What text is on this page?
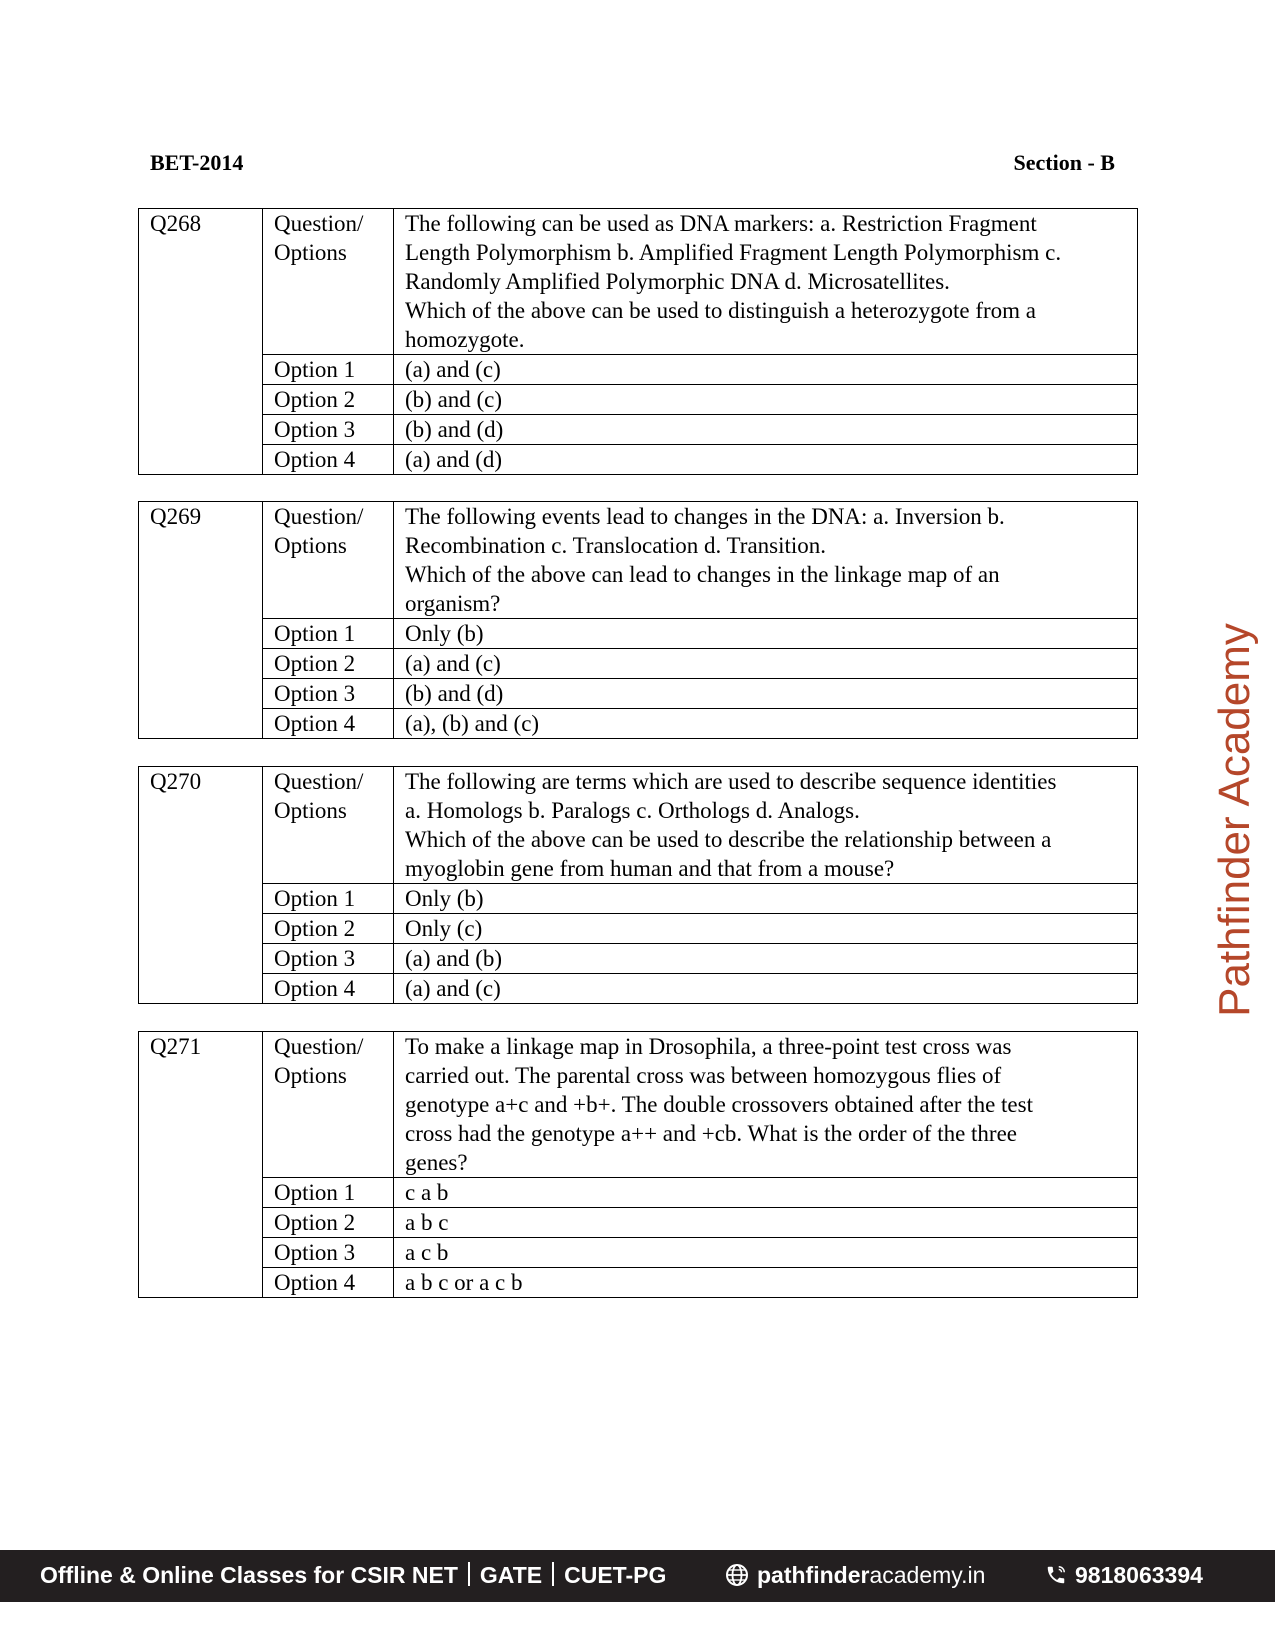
BET-2014	Section - B
Q268	Question/ Options	The following can be used as DNA markers: a. Restriction Fragment
Length Polymorphism b. Amplified Fragment Length Polymorphism c.
Randomly Amplified Polymorphic DNA d. Microsatellites.
Which of the above can be used to distinguish a heterozygote from a
homozygote.

	Option 1	(a) and (c)
	Option 2	(b) and (c)
	Option 3	(b) and (d)
	Option 4	(a) and (d)
Q269	Question/ Options	The following events lead to changes in the DNA: a. Inversion b.
Recombination c. Translocation d. Transition.
Which of the above can lead to changes in the linkage map of an
organism?

	Option 1	Only (b)
	Option 2	(a) and (c)
	Option 3	(b) and (d)
	Option 4	(a), (b) and (c)
Q270	Question/ Options	The following are terms which are used to describe sequence identities
a. Homologs b. Paralogs c. Orthologs d. Analogs.
Which of the above can be used to describe the relationship between a
myoglobin gene from human and that from a mouse?

	Option 1	Only (b)
	Option 2	Only (c)
	Option 3	(a) and (b)
	Option 4	(a) and (c)
Q271	Question/ Options	To make a linkage map in Drosophila, a three-point test cross was
carried out. The parental cross was between homozygous flies of
genotype a+c and +b+. The double crossovers obtained after the test
cross had the genotype a++ and +cb. What is the order of the three
genes?

	Option 1	c a b
	Option 2	a b c
	Option 3	a c b
	Option 4	a b c or a c b
Pathfinder Academy
Offline & Online Classes for CSIR NET GATE CUET-PG	pathfinderacademy.in	9818063394
